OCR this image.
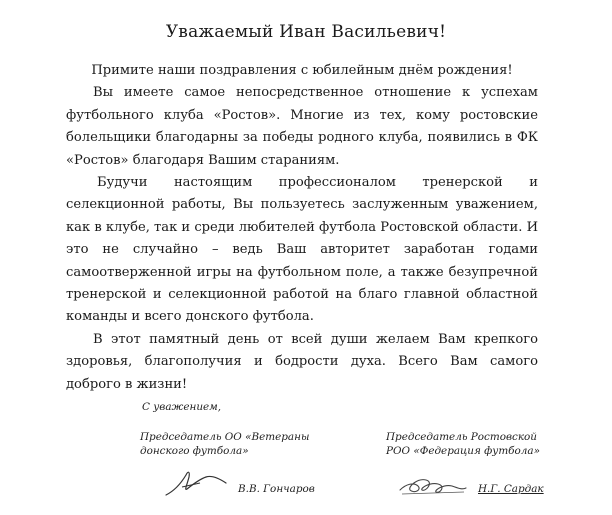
Уважаемый Иван Васильевич!

Примите наши поздравления с юбилейным днём рождения!

Вы имеете самое непосредственное отношение к успехам футбольного клуба «Ростов». Многие из тех, кому ростовские болельщики благодарны за победы родного клуба, появились в ФК «Ростов» благодаря Вашим стараниям.

Будучи настоящим профессионалом тренерской и селекционной работы, Вы пользуетесь заслуженным уважением, как в клубе, так и среди любителей футбола Ростовской области. И это не случайно – ведь Ваш авторитет заработан годами самоотверженной игры на футбольном поле, а также безупречной тренерской и селекционной работой на благо главной областной команды и всего донского футбола.

В этот памятный день от всей души желаем Вам крепкого здоровья, благополучия и бодрости духа. Всего Вам самого доброго в жизни!

С уважением,
Председатель ОО «Ветераны
донского футбола»
Председатель Ростовской
РОО «Федерация футбола»
В.В. Гончаров	Н.Г. Сардак
